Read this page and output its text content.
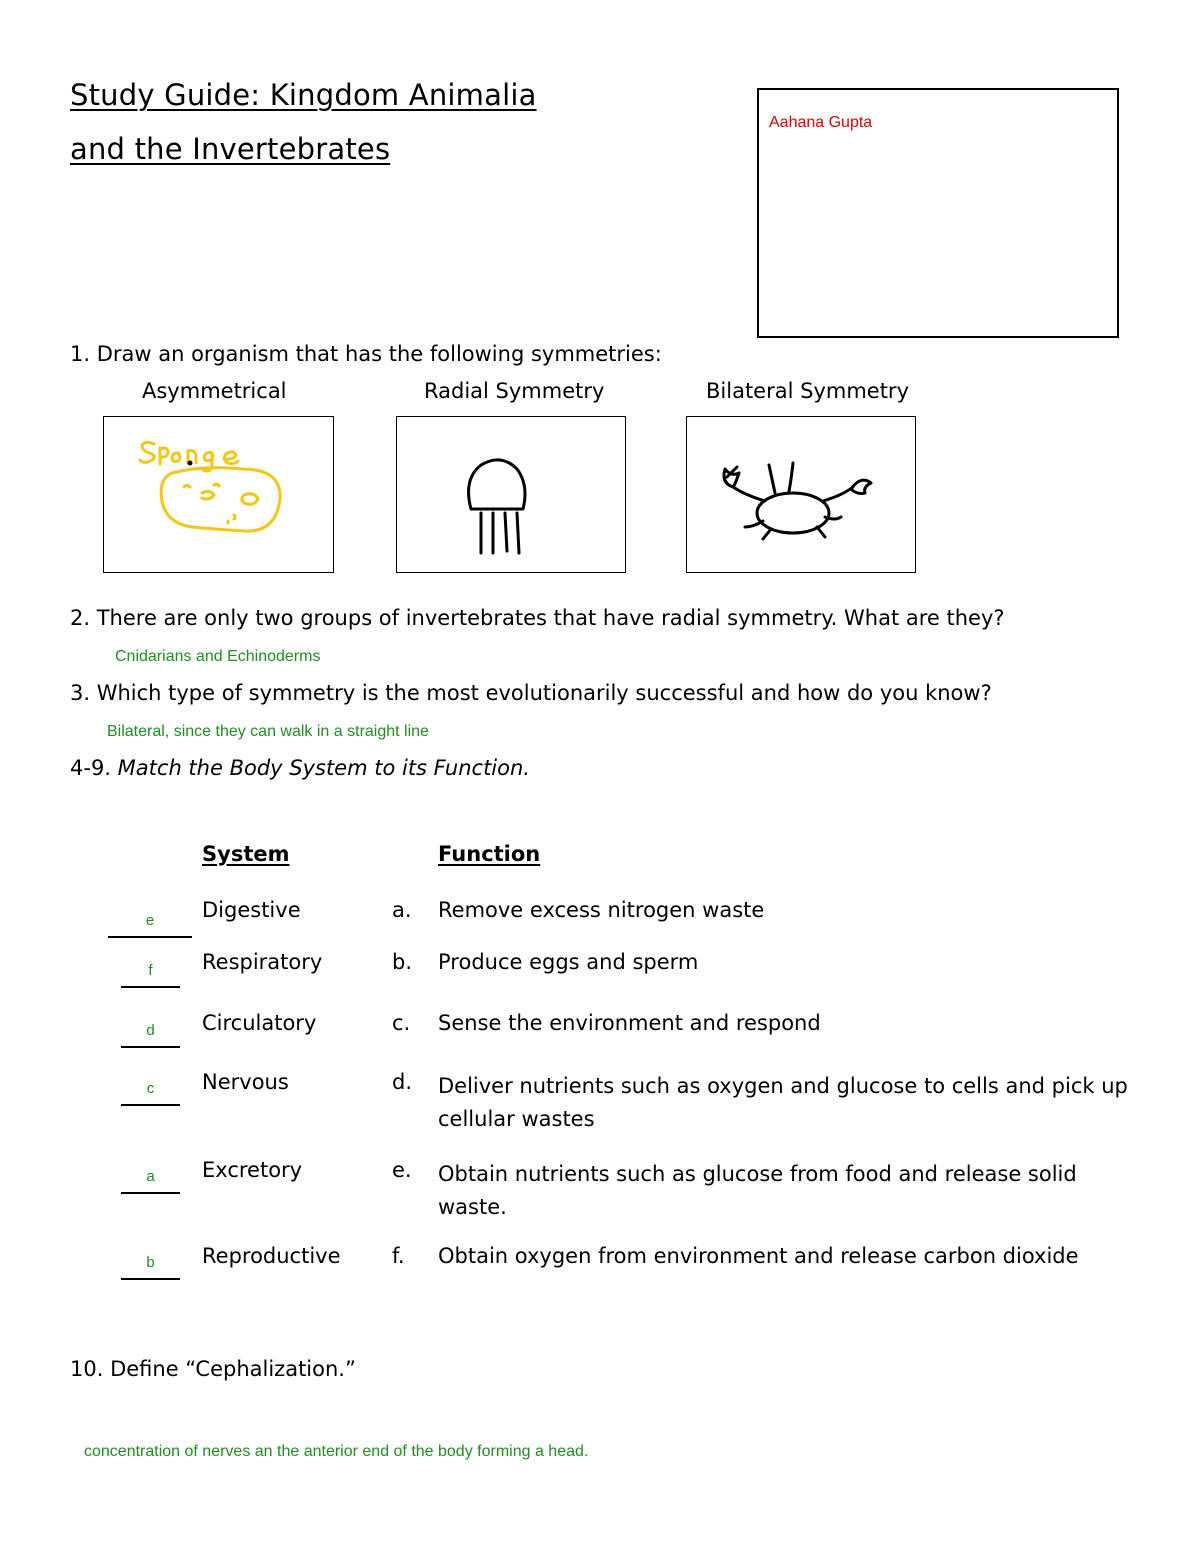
Study Guide: Kingdom Animalia
and the Invertebrates
Aahana Gupta
1. Draw an organism that has the following symmetries:
Asymmetrical	Radial Symmetry	Bilateral Symmetry
2. There are only two groups of invertebrates that have radial symmetry. What are they?
Cnidarians and Echinoderms
3. Which type of symmetry is the most evolutionarily successful and how do you know?
Bilateral, since they can walk in a straight line
4-9. Match the Body System to its Function.
System	Function
e	Digestive	a. Remove excess nitrogen waste
f	Respiratory	b. Produce eggs and sperm
d	Circulatory	c. Sense the environment and respond
c	Nervous	d. Deliver nutrients such as oxygen and glucose to cells and pick up cellular wastes
a	Excretory	e. Obtain nutrients such as glucose from food and release solid waste.
b	Reproductive f. Obtain oxygen from environment and release carbon dioxide
10. Define “Cephalization.”
concentration of nerves an the anterior end of the body forming a head.
